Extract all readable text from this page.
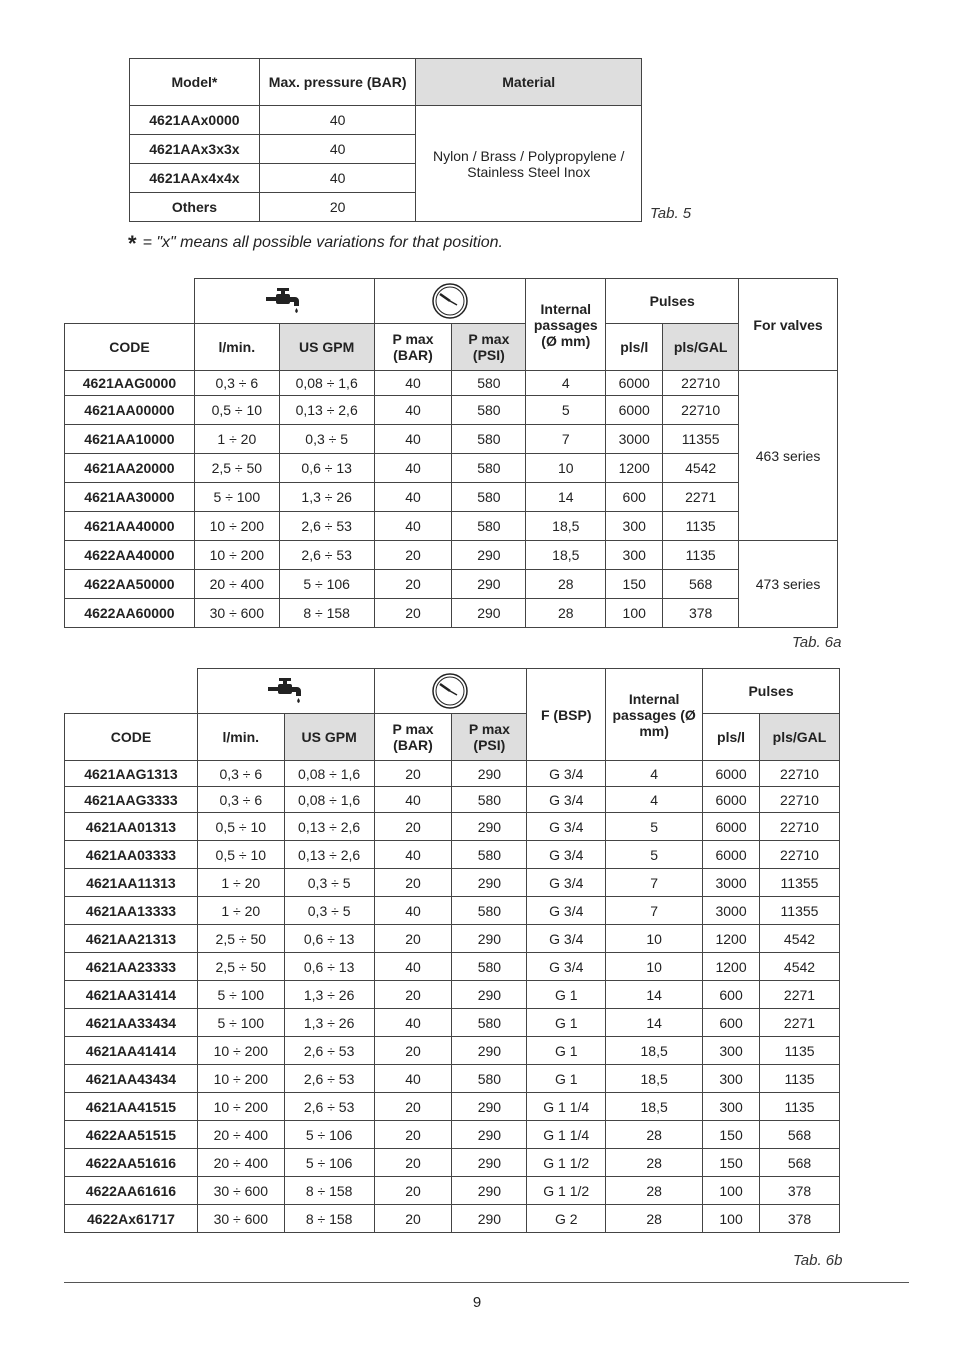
Model*	Max. pressure (BAR)	Material
4621AAx0000	40	Nylon / Brass / Polypropylene / Stainless Steel Inox
4621AAx3x3x	40	
4621AAx4x4x	40	
Others	20		Tab. 5
* = "x" means all possible variations for that position.

	Internal passages (Ø mm)	Pulses		For valves
CODE	l/min.	US GPM	P max (BAR)	P max (PSI)		pls/l	pls/GAL	
4621AAG0000	0,3 ÷ 6	0,08 ÷ 1,6	40	580	4	6000	22710	463 series
4621AA00000	0,5 ÷ 10	0,13 ÷ 2,6	40	580	5	6000	22710	
4621AA10000	1 ÷ 20	0,3 ÷ 5	40	580	7	3000	11355	
4621AA20000	2,5 ÷ 50	0,6 ÷ 13	40	580	10	1200	4542	
4621AA30000	5 ÷ 100	1,3 ÷ 26	40	580	14	600	2271	
4621AA40000	10 ÷ 200	2,6 ÷ 53	40	580	18,5	300	1135	
4622AA40000	10 ÷ 200	2,6 ÷ 53	20	290	18,5	300	1135	473 series
4622AA50000	20 ÷ 400	5 ÷ 106	20	290	28	150	568	
4622AA60000	30 ÷ 600	8 ÷ 158	20	290	28	100	378	
Tab. 6a

	F (BSP)	Internal passages (Ø mm)	Pulses	
CODE	l/min.	US GPM	P max (BAR)	P max (PSI)			pls/l	pls/GAL
4621AAG1313	0,3 ÷ 6	0,08 ÷ 1,6	20	290	G 3/4	4	6000	22710
4621AAG3333	0,3 ÷ 6	0,08 ÷ 1,6	40	580	G 3/4	4	6000	22710
4621AA01313	0,5 ÷ 10	0,13 ÷ 2,6	20	290	G 3/4	5	6000	22710
4621AA03333	0,5 ÷ 10	0,13 ÷ 2,6	40	580	G 3/4	5	6000	22710
4621AA11313	1 ÷ 20	0,3 ÷ 5	20	290	G 3/4	7	3000	11355
4621AA13333	1 ÷ 20	0,3 ÷ 5	40	580	G 3/4	7	3000	11355
4621AA21313	2,5 ÷ 50	0,6 ÷ 13	20	290	G 3/4	10	1200	4542
4621AA23333	2,5 ÷ 50	0,6 ÷ 13	40	580	G 3/4	10	1200	4542
4621AA31414	5 ÷ 100	1,3 ÷ 26	20	290	G 1	14	600	2271
4621AA33434	5 ÷ 100	1,3 ÷ 26	40	580	G 1	14	600	2271
4621AA41414	10 ÷ 200	2,6 ÷ 53	20	290	G 1	18,5	300	1135
4621AA43434	10 ÷ 200	2,6 ÷ 53	40	580	G 1	18,5	300	1135
4621AA41515	10 ÷ 200	2,6 ÷ 53	20	290	G 1 1/4	18,5	300	1135
4622AA51515	20 ÷ 400	5 ÷ 106	20	290	G 1 1/4	28	150	568
4622AA51616	20 ÷ 400	5 ÷ 106	20	290	G 1 1/2	28	150	568
4622AA61616	30 ÷ 600	8 ÷ 158	20	290	G 1 1/2	28	100	378
4622Ax61717	30 ÷ 600	8 ÷ 158	20	290	G 2	28	100	378
Tab. 6b
9
